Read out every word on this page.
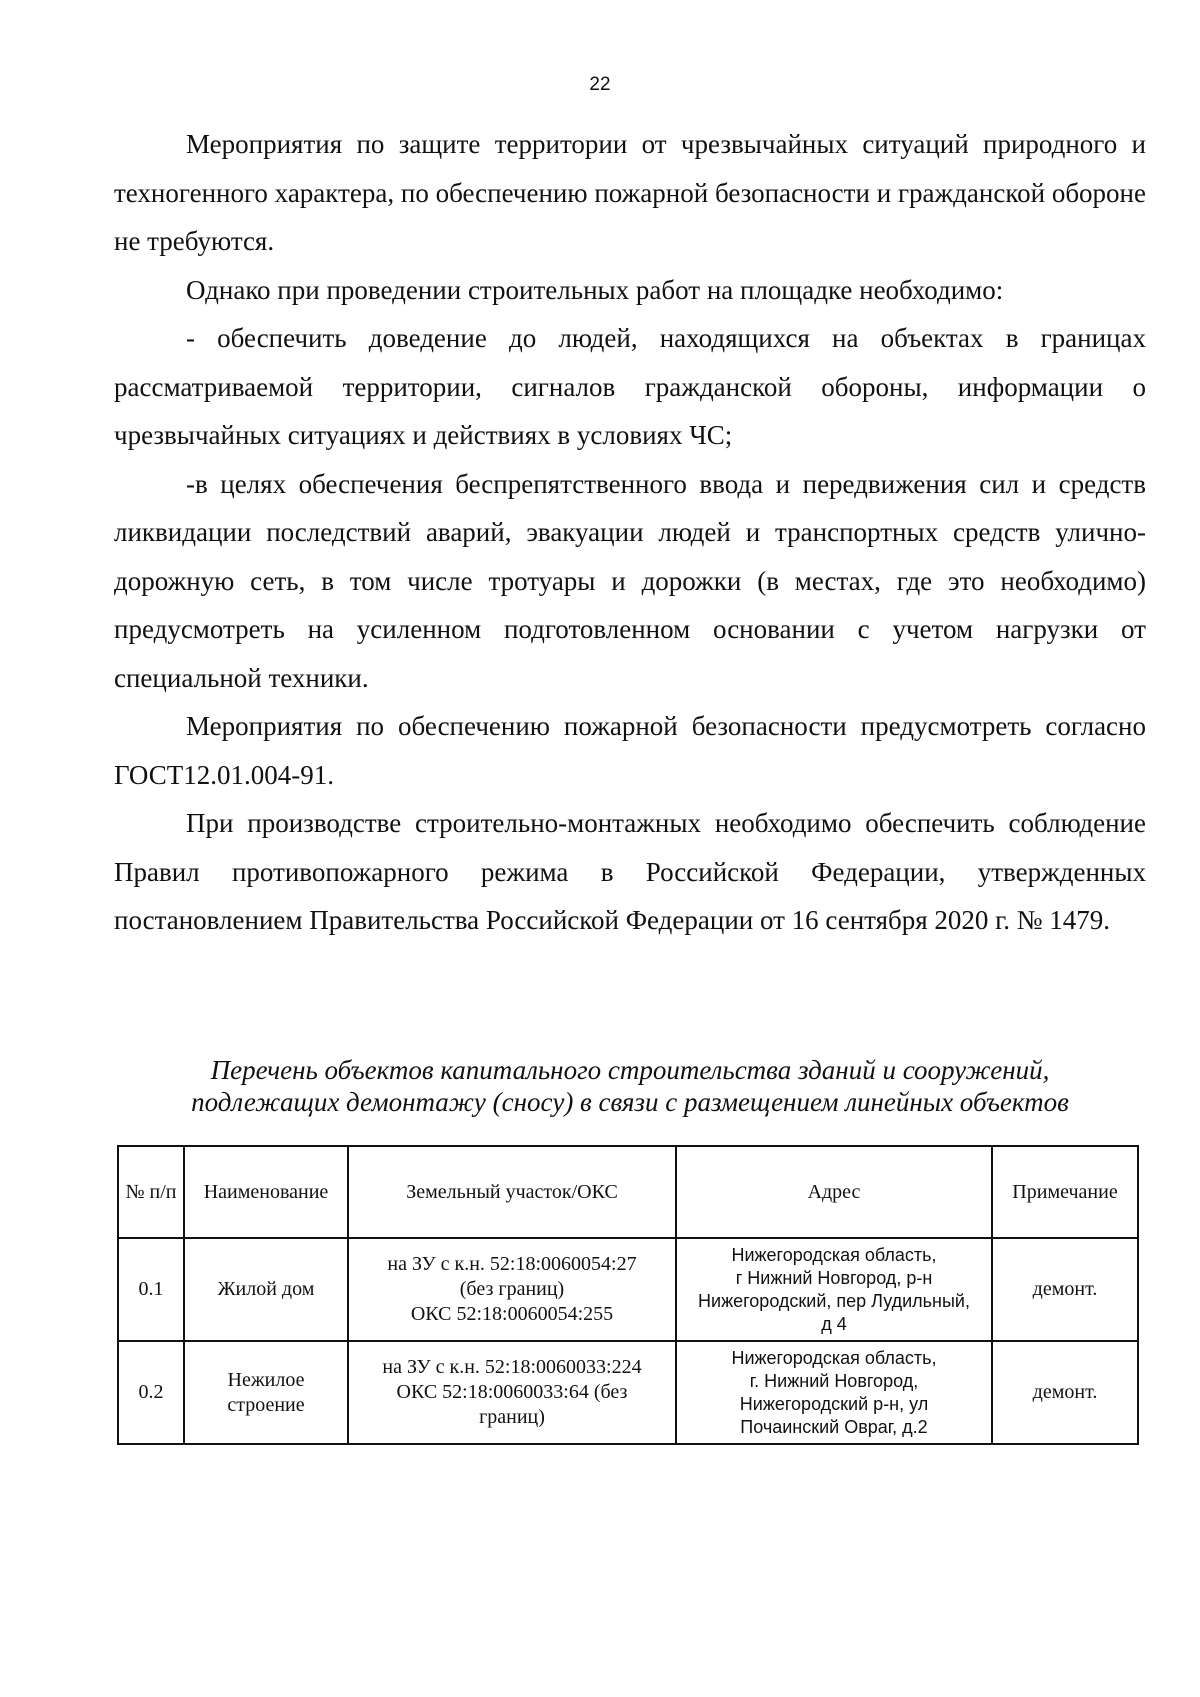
22

Мероприятия по защите территории от чрезвычайных ситуаций природного и техногенного характера, по обеспечению пожарной безопасности и гражданской обороне не требуются.

Однако при проведении строительных работ на площадке необходимо:

- обеспечить доведение до людей, находящихся на объектах в границах рассматриваемой территории, сигналов гражданской обороны, информации о чрезвычайных ситуациях и действиях в условиях ЧС;

-в целях обеспечения беспрепятственного ввода и передвижения сил и средств ликвидации последствий аварий, эвакуации людей и транспортных средств улично-дорожную сеть, в том числе тротуары и дорожки (в местах, где это необходимо) предусмотреть на усиленном подготовленном основании с учетом нагрузки от специальной техники.

Мероприятия по обеспечению пожарной безопасности предусмотреть согласно ГОСТ12.01.004-91.

При производстве строительно-монтажных необходимо обеспечить соблюдение Правил противопожарного режима в Российской Федерации, утвержденных постановлением Правительства Российской Федерации от 16 сентября 2020 г. № 1479.

Перечень объектов капитального строительства зданий и сооружений,
подлежащих демонтажу (сносу) в связи с размещением линейных объектов
№ п/п	Наименование	Земельный участок/ОКС	Адрес	Примечание
0.1	Жилой дом	на ЗУ с к.н. 52:18:0060054:27
(без границ)
ОКС 52:18:0060054:255	Нижегородская область,
г Нижний Новгород, р-н
Нижегородский, пер Лудильный,
д 4	демонт.
0.2	Нежилое строение	на ЗУ с к.н. 52:18:0060033:224
ОКС 52:18:0060033:64 (без
границ)	Нижегородская область,
г. Нижний Новгород,
Нижегородский р-н, ул
Почаинский Овраг, д.2	демонт.
